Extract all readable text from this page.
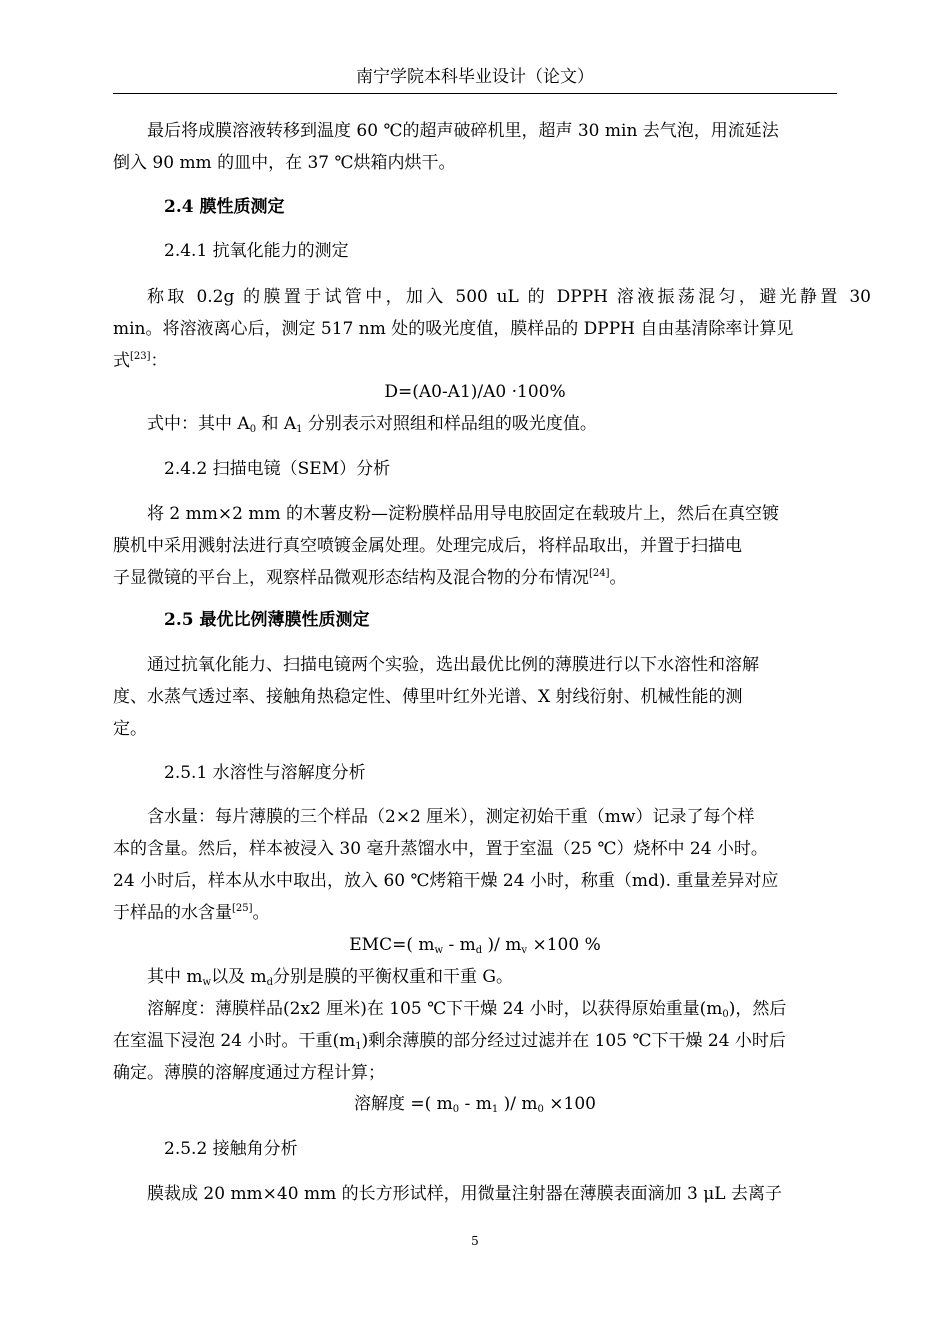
南宁学院本科毕业设计（论文）
最后将成膜溶液转移到温度 60 ℃的超声破碎机里，超声 30 min 去气泡，用流延法
倒入 90 mm 的皿中，在 37 ℃烘箱内烘干。
2.4 膜性质测定
2.4.1 抗氧化能力的测定
称取 0.2g 的膜置于试管中，加入 500 uL 的 DPPH 溶液振荡混匀，避光静置 30
min。将溶液离心后，测定 517 nm 处的吸光度值，膜样品的 DPPH 自由基清除率计算见
式[23]：
D=(A0-A1)/A0 ·100%
式中：其中 $A_0$ 和 $A_1$ 分别表示对照组和样品组的吸光度值。
2.4.2 扫描电镜（SEM）分析
将 2 mm×2 mm 的木薯皮粉—淀粉膜样品用导电胶固定在载玻片上，然后在真空镀
膜机中采用溅射法进行真空喷镀金属处理。处理完成后，将样品取出，并置于扫描电
子显微镜的平台上，观察样品微观形态结构及混合物的分布情况[24]。
2.5 最优比例薄膜性质测定
通过抗氧化能力、扫描电镜两个实验，选出最优比例的薄膜进行以下水溶性和溶解
度、水蒸气透过率、接触角热稳定性、傅里叶红外光谱、X 射线衍射、机械性能的测
定。
2.5.1 水溶性与溶解度分析
含水量：每片薄膜的三个样品（2×2 厘米），测定初始干重（mw）记录了每个样
本的含量。然后，样本被浸入 30 毫升蒸馏水中，置于室温（25 ℃）烧杯中 24 小时。
24 小时后，样本从水中取出，放入 60 ℃烤箱干燥 24 小时，称重（md). 重量差异对应
于样品的水含量[25]。
EMC=( $m_w - m_d$ )/ $m_v \times 100$ %
其中 $m_w$以及 $m_d$分别是膜的平衡权重和干重 G。
溶解度：薄膜样品(2x2 厘米)在 105 ℃下干燥 24 小时，以获得原始重量$(m_0)$，然后
在室温下浸泡 24 小时。干重$(m_1)$剩余薄膜的部分经过过滤并在 105 ℃下干燥 24 小时后
确定。薄膜的溶解度通过方程计算；
溶解度 =( $m_0 - m_1$ )/ $m_0 \times 100$
2.5.2 接触角分析
膜裁成 20 mm×40 mm 的长方形试样，用微量注射器在薄膜表面滴加 3 μL 去离子
5
